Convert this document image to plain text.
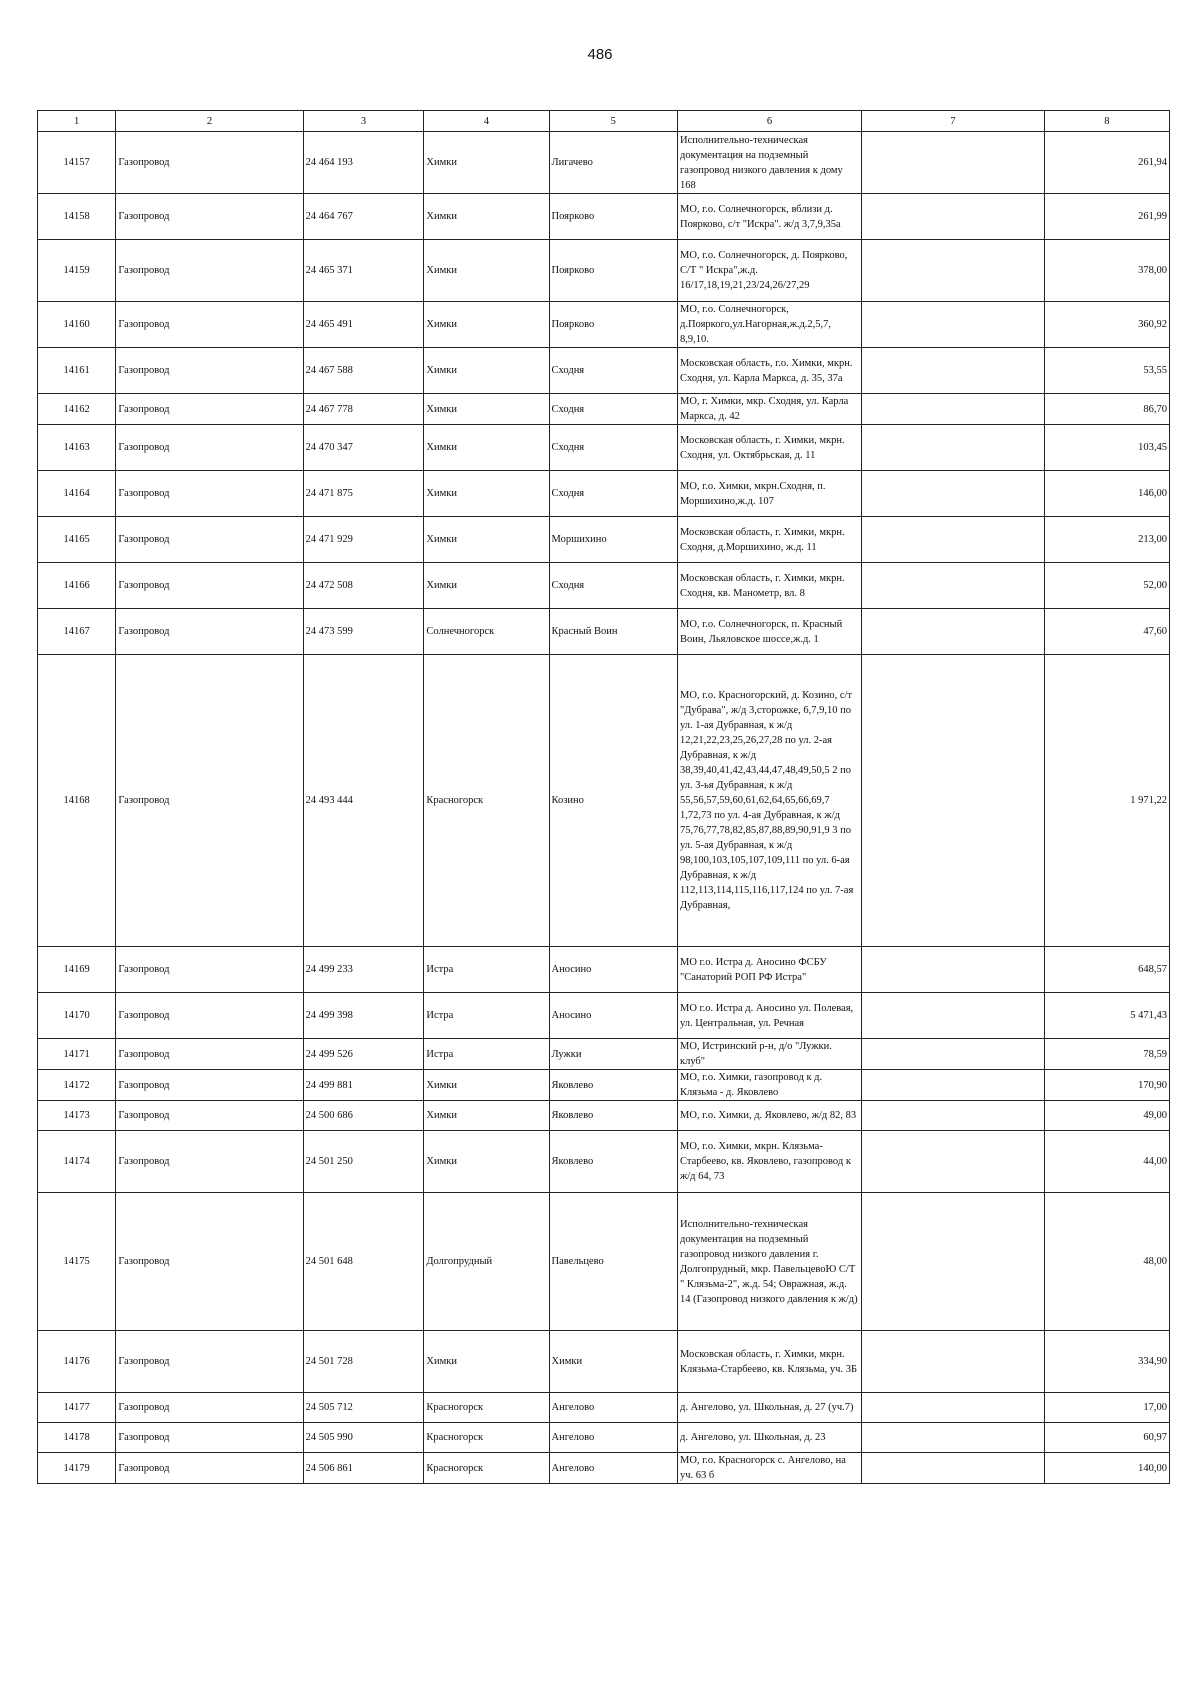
486
1	2	3	4	5	6	7	8
14157	Газопровод	24 464 193	Химки	Лигачево	Исполнительно-техническая документация на подземный газопровод низкого давления к дому 168		261,94
14158	Газопровод	24 464 767	Химки	Поярково	МО, г.о. Солнечногорск, вблизи д. Поярково, с/т "Искра". ж/д 3,7,9,35а		261,99
14159	Газопровод	24 465 371	Химки	Поярково	МО, г.о. Солнечногорск, д. Поярково, С/Т " Искра",ж.д. 16/17,18,19,21,23/24,26/27,29		378,00
14160	Газопровод	24 465 491	Химки	Поярково	МО, г.о. Солнечногорск, д.Пояркого,ул.Нагорная,ж.д.2,5,7, 8,9,10.		360,92
14161	Газопровод	24 467 588	Химки	Сходня	Московская область, г.о. Химки, мкрн. Сходня, ул. Карла Маркса, д. 35, 37а		53,55
14162	Газопровод	24 467 778	Химки	Сходня	МО, г. Химки, мкр. Сходня, ул. Карла Маркса, д. 42		86,70
14163	Газопровод	24 470 347	Химки	Сходня	Московская область, г. Химки, мкрн. Сходня, ул. Октябрьская, д. 11		103,45
14164	Газопровод	24 471 875	Химки	Сходня	МО, г.о. Химки, мкрн.Сходня, п. Моршихино,ж.д. 107		146,00
14165	Газопровод	24 471 929	Химки	Моршихино	Московская область, г. Химки, мкрн. Сходня, д.Моршихино, ж.д. 11		213,00
14166	Газопровод	24 472 508	Химки	Сходня	Московская область, г. Химки, мкрн. Сходня, кв. Манометр, вл. 8		52,00
14167	Газопровод	24 473 599	Солнечногорск	Красный Воин	МО, г.о. Солнечногорск, п. Красный Воин, Льяловское шоссе,ж.д. 1		47,60
14168	Газопровод	24 493 444	Красногорск	Козино	МО, г.о. Красногорский, д. Козино, с/т "Дубрава", ж/д 3,сторожке, 6,7,9,10 по ул. 1-ая Дубравная, к ж/д 12,21,22,23,25,26,27,28 по ул. 2-ая Дубравная, к ж/д 38,39,40,41,42,43,44,47,48,49,50,5 2 по ул. 3-ья Дубравная, к ж/д 55,56,57,59,60,61,62,64,65,66,69,7 1,72,73 по ул. 4-ая Дубравная, к ж/д 75,76,77,78,82,85,87,88,89,90,91,9 3 по ул. 5-ая Дубравная, к ж/д 98,100,103,105,107,109,111 по ул. 6-ая Дубравная, к ж/д 112,113,114,115,116,117,124 по ул. 7-ая Дубравная,		1 971,22
14169	Газопровод	24 499 233	Истра	Аносино	МО г.о. Истра д. Аносино ФСБУ "Санаторий РОП РФ Истра"		648,57
14170	Газопровод	24 499 398	Истра	Аносино	МО г.о. Истра д. Аносино ул. Полевая, ул. Центральная, ул. Речная		5 471,43
14171	Газопровод	24 499 526	Истра	Лужки	МО, Истринский р-н, д/о "Лужки. клуб"		78,59
14172	Газопровод	24 499 881	Химки	Яковлево	МО, г.о. Химки, газопровод к д. Клязьма - д. Яковлево		170,90
14173	Газопровод	24 500 686	Химки	Яковлево	МО, г.о. Химки, д. Яковлево, ж/д 82, 83		49,00
14174	Газопровод	24 501 250	Химки	Яковлево	МО, г.о. Химки, мкрн. Клязьма-Старбеево, кв. Яковлево, газопровод к ж/д 64, 73		44,00
14175	Газопровод	24 501 648	Долгопрудный	Павельцево	Исполнительно-техническая документация на подземный газопровод низкого давления г. Долгопрудный, мкр. ПавельцевоЮ С/Т " Клязьма-2", ж.д. 54; Овражная, ж.д. 14 (Газопровод низкого давления к ж/д)		48,00
14176	Газопровод	24 501 728	Химки	Химки	Московская область, г. Химки, мкрн. Клязьма-Старбеево, кв. Клязьма, уч. 3Б		334,90
14177	Газопровод	24 505 712	Красногорск	Ангелово	д. Ангелово, ул. Школьная, д. 27 (уч.7)		17,00
14178	Газопровод	24 505 990	Красногорск	Ангелово	д. Ангелово, ул. Школьная, д. 23		60,97
14179	Газопровод	24 506 861	Красногорск	Ангелово	МО, г.о. Красногорск с. Ангелово, на уч. 63 б		140,00
